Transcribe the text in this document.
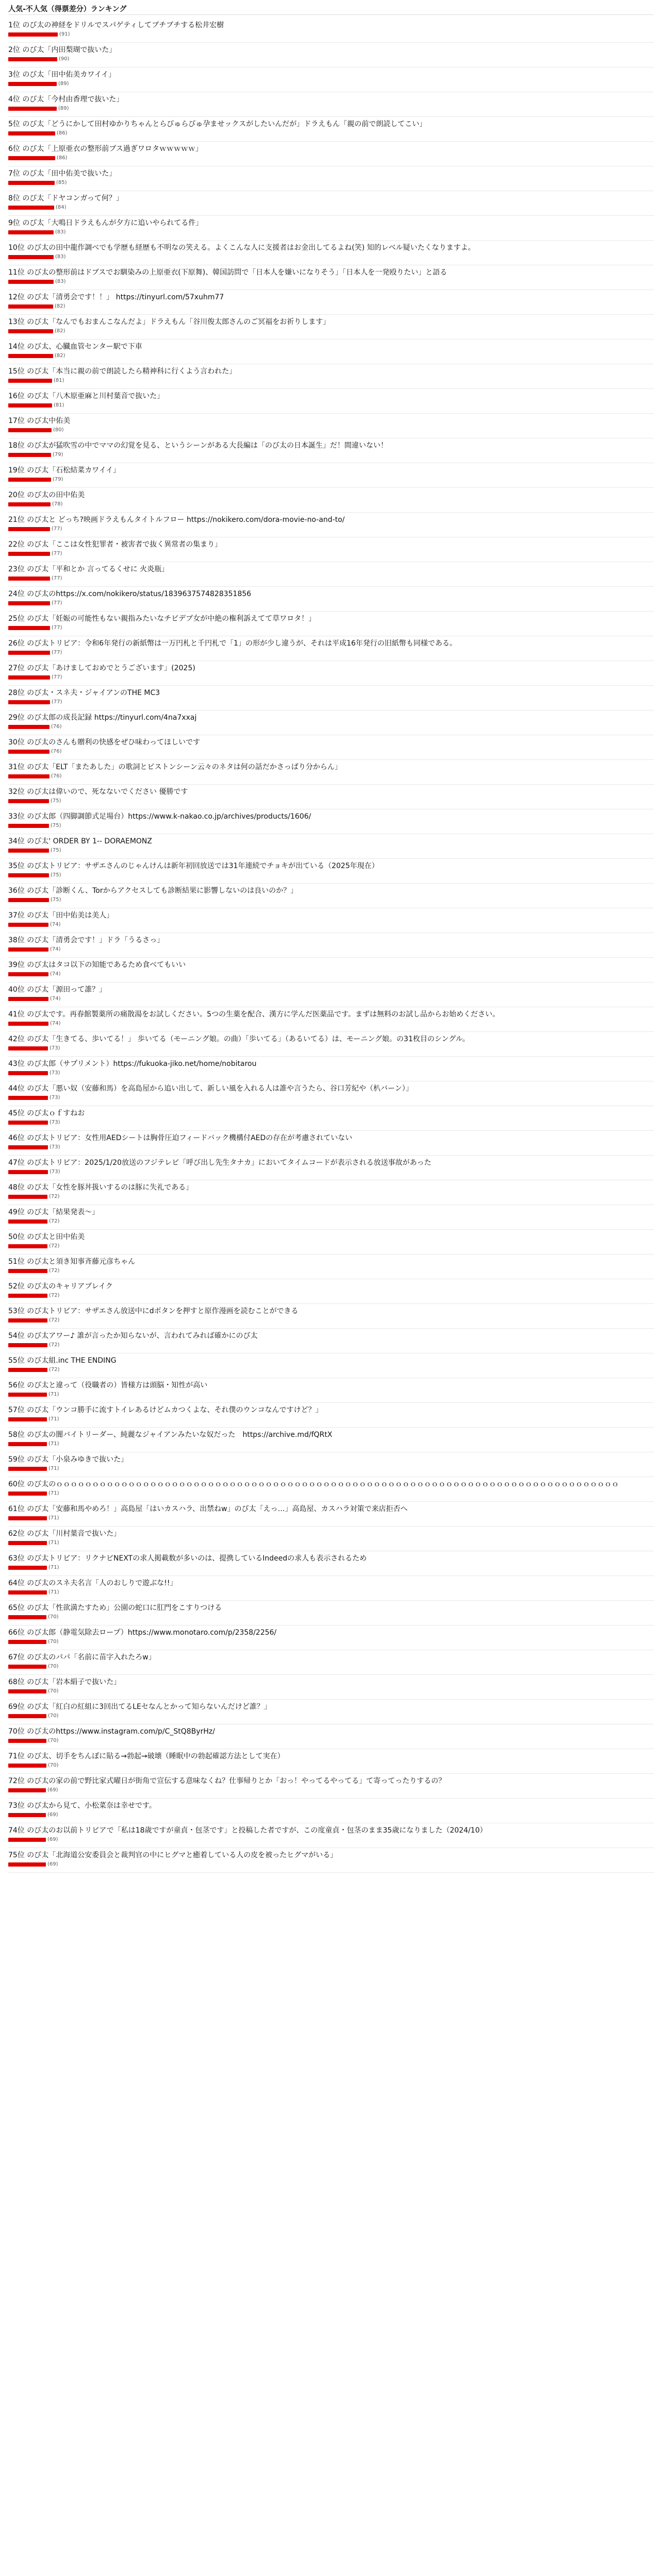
人気-不人気（得票差分）ランキング
1位 のび太の神経をドリルでスパゲティしてブチブチする松井宏樹
(91)
2位 のび太「内田梨瑚で抜いた」
(90)
3位 のび太「田中佑美カワイイ」
(89)
4位 のび太「今村由香理で抜いた」
(89)
5位 のび太「どうにかして田村ゆかりちゃんとらびゅらびゅ孕ませックスがしたいんだが」ドラえもん「親の前で朗読してこい」
(86)
6位 のび太「上原亜衣の整形前ブス過ぎワロタｗｗｗｗｗ」
(86)
7位 のび太「田中佑美で抜いた」
(85)
8位 のび太「ドヤコンガって何？」
(84)
9位 のび太「大鳴日ドラえもんが夕方に追いやられてる件」
(83)
10位 のび太の田中龍作調べでも学歴も経歴も不明なの笑える。よくこんな人に支援者はお金出してるよね(笑) 知的レベル疑いたくなりますよ。
(83)
11位 のび太の整形前はドブスでお馴染みの上原亜衣(下原舞)、韓国訪問で「日本人を嫌いになりそう」「日本人を一発殴りたい」と語る
(83)
12位 のび太「清勇会です！！」 https://tinyurl.com/57xuhm77
(82)
13位 のび太「なんでもおまんこなんだよ」ドラえもん「谷川俊太郎さんのご冥福をお祈りします」
(82)
14位 のび太、心臓血管センター駅で下車
(82)
15位 のび太「本当に親の前で朗読したら精神科に行くよう言われた」
(81)
16位 のび太「八木原亜麻と川村葉音で抜いた」
(81)
17位 のび太中佑美
(80)
18位 のび太が猛吹雪の中でママの幻覚を見る、というシーンがある大長編は「のび太の日本誕生」だ！間違いない！
(79)
19位 のび太「石松結菜カワイイ」
(79)
20位 のび太の田中佑美
(78)
21位 のび太と どっち?映画ドラえもんタイトルフロー https://nokikero.com/dora-movie-no-and-to/
(77)
22位 のび太「ここは女性犯罪者・被害者で抜く異常者の集まり」
(77)
23位 のび太「平和とか 言ってるくせに 火炎瓶」
(77)
24位 のび太のhttps://x.com/nokikero/status/1839637574828351856
(77)
25位 のび太「妊娠の可能性もない親指みたいなチビデブ女が中絶の権利訴えてて草ワロタ！」
(77)
26位 のび太トリビア：令和6年発行の新紙幣は一万円札と千円札で「1」の形が少し違うが、それは平成16年発行の旧紙幣も同様である。
(77)
27位 のび太「あけましておめでとうございます」(2025)
(77)
28位 のび太・スネ夫・ジャイアンのTHE MC3
(77)
29位 のび太郎の成長記録 https://tinyurl.com/4na7xxaj
(76)
30位 のび太のさんも贈利の快感をぜひ味わってほしいです
(76)
31位 のび太「ELT「またあした」の歌詞とピストンシーン云々のネタは何の話だかさっぱり分からん」
(76)
32位 のび太は偉いので、死なないでください 優勝です
(75)
33位 のび太郎（四脚調節式足場台）https://www.k-nakao.co.jp/archives/products/1606/
(75)
34位 のび太' ORDER BY 1-- DORAEMONZ
(75)
35位 のび太トリビア：サザエさんのじゃんけんは新年初回放送では31年連続でチョキが出ている（2025年現在）
(75)
36位 のび太「診断くん、Torからアクセスしても診断結果に影響しないのは良いのか？」
(75)
37位 のび太「田中佑美は美人」
(74)
38位 のび太「清勇会です！」ドラ「うるさっ」
(74)
39位 のび太はタコ以下の知能であるため食べてもいい
(74)
40位 のび太「源田って誰？」
(74)
41位 のび太です。再春館製薬所の痛散湯をお試しください。5つの生薬を配合、漢方に学んだ医薬品です。まずは無料のお試し品からお始めください。
(74)
42位 のび太「生きてる、歩いてる！」 歩いてる（モーニング娘。の曲）「歩いてる」（あるいてる）は、モーニング娘。の31枚目のシングル。
(73)
43位 のび太郎（サプリメント）https://fukuoka-jiko.net/home/nobitarou
(73)
44位 のび太「悪い奴（安藤和馬）を高島屋から追い出して、新しい風を入れる人は誰や言うたら、谷口芳紀や（朳バーン）」
(73)
45位 のび太ｏｆすねお
(73)
46位 のび太トリビア：女性用AEDシートは胸骨圧迫フィードバック機構付AEDの存在が考慮されていない
(73)
47位 のび太トリビア：2025/1/20放送のフジテレビ「呼び出し先生タナカ」においてタイムコードが表示される放送事故があった
(73)
48位 のび太「女性を豚丼扱いするのは豚に失礼である」
(72)
49位 のび太「結果発表〜」
(72)
50位 のび太と田中佑美
(72)
51位 のび太と須き知事斉藤元彦ちゃん
(72)
52位 のび太のキャリアブレイク
(72)
53位 のび太トリビア：サザエさん放送中にdボタンを押すと原作漫画を読むことができる
(72)
54位 のび太アワー♪ 誰が言ったか知らないが、言われてみれば確かにのび太
(72)
55位 のび太組.inc THE ENDING
(72)
56位 のび太と違って（役職者の）皆様方は頭脳・知性が高い
(71)
57位 のび太「ウンコ勝手に流すトイレあるけどムカつくよな、それ僕のウンコなんですけど？」
(71)
58位 のび太の闇バイトリーダー、純麗なジャイアンみたいな奴だった　https://archive.md/fQRtX
(71)
59位 のび太「小泉みゆきで抜いた」
(71)
60位 のび太のｏｏｏｏｏｏｏｏｏｏｏｏｏｏｏｏｏｏｏｏｏｏｏｏｏｏｏｏｏｏｏｏｏｏｏｏｏｏｏｏｏｏｏｏｏｏｏｏｏｏｏｏｏｏｏｏｏｏｏｏｏｏｏｏｏｏｏｏｏｏｏｏｏｏｏｏｏｏ
(71)
61位 のび太「安藤和馬やめろ！」高島屋「はいカスハラ、出禁ねw」のび太「えっ…」高島屋、カスハラ対策で来店拒否へ
(71)
62位 のび太「川村葉音で抜いた」
(71)
63位 のび太トリビア：リクナビNEXTの求人掲載数が多いのは、提携しているIndeedの求人も表示されるため
(71)
64位 のび太のスネ夫名言「人のおしりで遊ぶな!!」
(71)
65位 のび太「性欲満たすため」公園の蛇口に肛門をこすりつける
(70)
66位 のび太郎（静電気除去ロープ）https://www.monotaro.com/p/2358/2256/
(70)
67位 のび太のパパ「名前に苗字入れたろw」
(70)
68位 のび太「岩本絹子で抜いた」
(70)
69位 のび太「紅白の紅組に3回出てるLEセなんとかって知らないんだけど誰？」
(70)
70位 のび太のhttps://www.instagram.com/p/C_StQ8ByrHz/
(70)
71位 のび太、切手をちんぽに貼る→勃起→破壊（睡眠中の勃起確認方法として実在）
(70)
72位 のび太の家の前で野比家式曜日が街角で宣伝する意味なくね？仕事帰りとか「おっ！やってるやってる」て寄ってったりするの？
(69)
73位 のび太から見て、小松菜奈は幸せです。
(69)
74位 のび太のお以前トリビアで「私は18歳ですが童貞・包茎です」と投稿した者ですが、この度童貞・包茎のまま35歳になりました（2024/10）
(69)
75位 のび太「北海道公安委員会と裁判官の中にヒグマと癒着している人の皮を被ったヒグマがいる」
(69)
